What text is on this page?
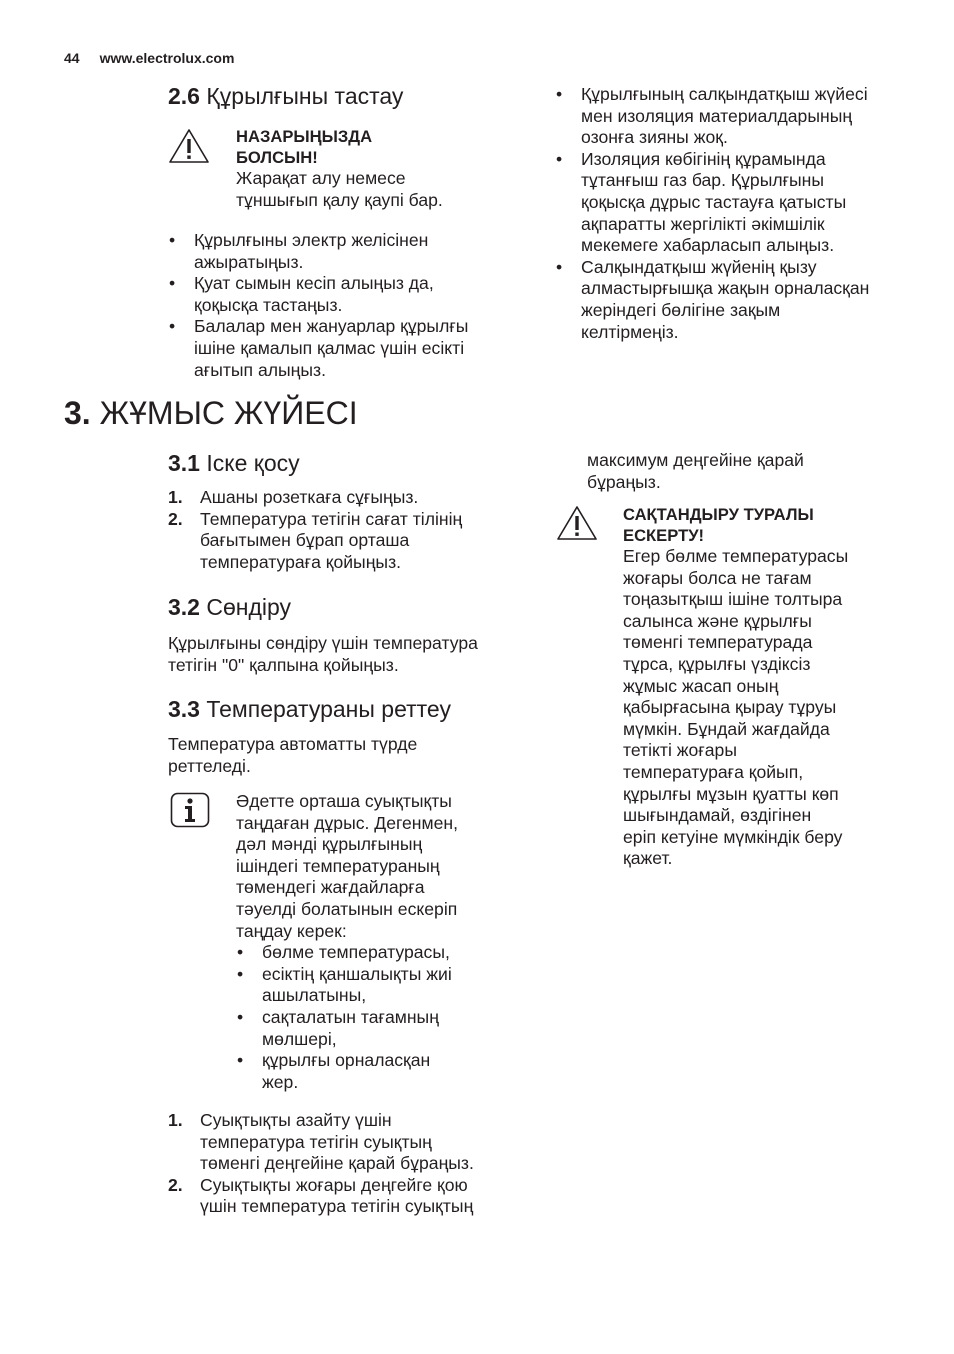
44 www.electrolux.com
2.6 Құрылғыны тастау
НАЗАРЫҢЫЗДА
БОЛСЫН!
Жарақат алу немесе
тұншығып қалу қаупі бар.
• Құрылғыны электр желісінен
ажыратыңыз.
• Қуат сымын кесіп алыңыз да,
қоқысқа тастаңыз.
• Балалар мен жануарлар құрылғы
ішіне қамалып қалмас үшін есікті
ағытып алыңыз.
• Құрылғының салқындатқыш жүйесі
мен изоляция материалдарының
озонға зияны жоқ.
• Изоляция көбігінің құрамында
тұтанғыш газ бар. Құрылғыны
қоқысқа дұрыс тастауға қатысты
ақпаратты жергілікті әкімшілік
мекемеге хабарласып алыңыз.
• Салқындатқыш жүйенің қызу
алмастырғышқа жақын орналасқан
жеріндегі бөлігіне зақым
келтірмеңіз.
3. ЖҰМЫС ЖҮЙЕСІ
3.1 Іске қосу
1. Ашаны розеткаға сұғыңыз.
2. Температура тетігін сағат тілінің
бағытымен бұрап орташа
температураға қойыңыз.
3.2 Сөндіру
Құрылғыны сөндіру үшін температура
тетігін "0" қалпына қойыңыз.
3.3 Температураны реттеу
Температура автоматты түрде
реттеледі.
Әдетте орташа суықтықты
таңдаған дұрыс. Дегенмен,
дәл мәнді құрылғының
ішіндегі температураның
төмендегі жағдайларға
тәуелді болатынын ескеріп
таңдау керек:
• бөлме температурасы,
• есіктің қаншалықты жиі
ашылатыны,
• сақталатын тағамның
мөлшері,
• құрылғы орналасқан
жер.
1. Суықтықты азайту үшін
температура тетігін суықтың
төменгі деңгейіне қарай бұраңыз.
2. Суықтықты жоғары деңгейге қою
үшін температура тетігін суықтың
максимум деңгейіне қарай
бұраңыз.
САҚТАНДЫРУ ТУРАЛЫ
ЕСКЕРТУ!
Егер бөлме температурасы
жоғары болса не тағам
тоңазытқыш ішіне толтыра
салынса және құрылғы
төменгі температурада
тұрса, құрылғы үздіксіз
жұмыс жасап оның
қабырғасына қырау тұруы
мүмкін. Бұндай жағдайда
тетікті жоғары
температураға қойып,
құрылғы мұзын қуатты көп
шығындамай, өздігінен
еріп кетуіне мүмкіндік беру
қажет.
